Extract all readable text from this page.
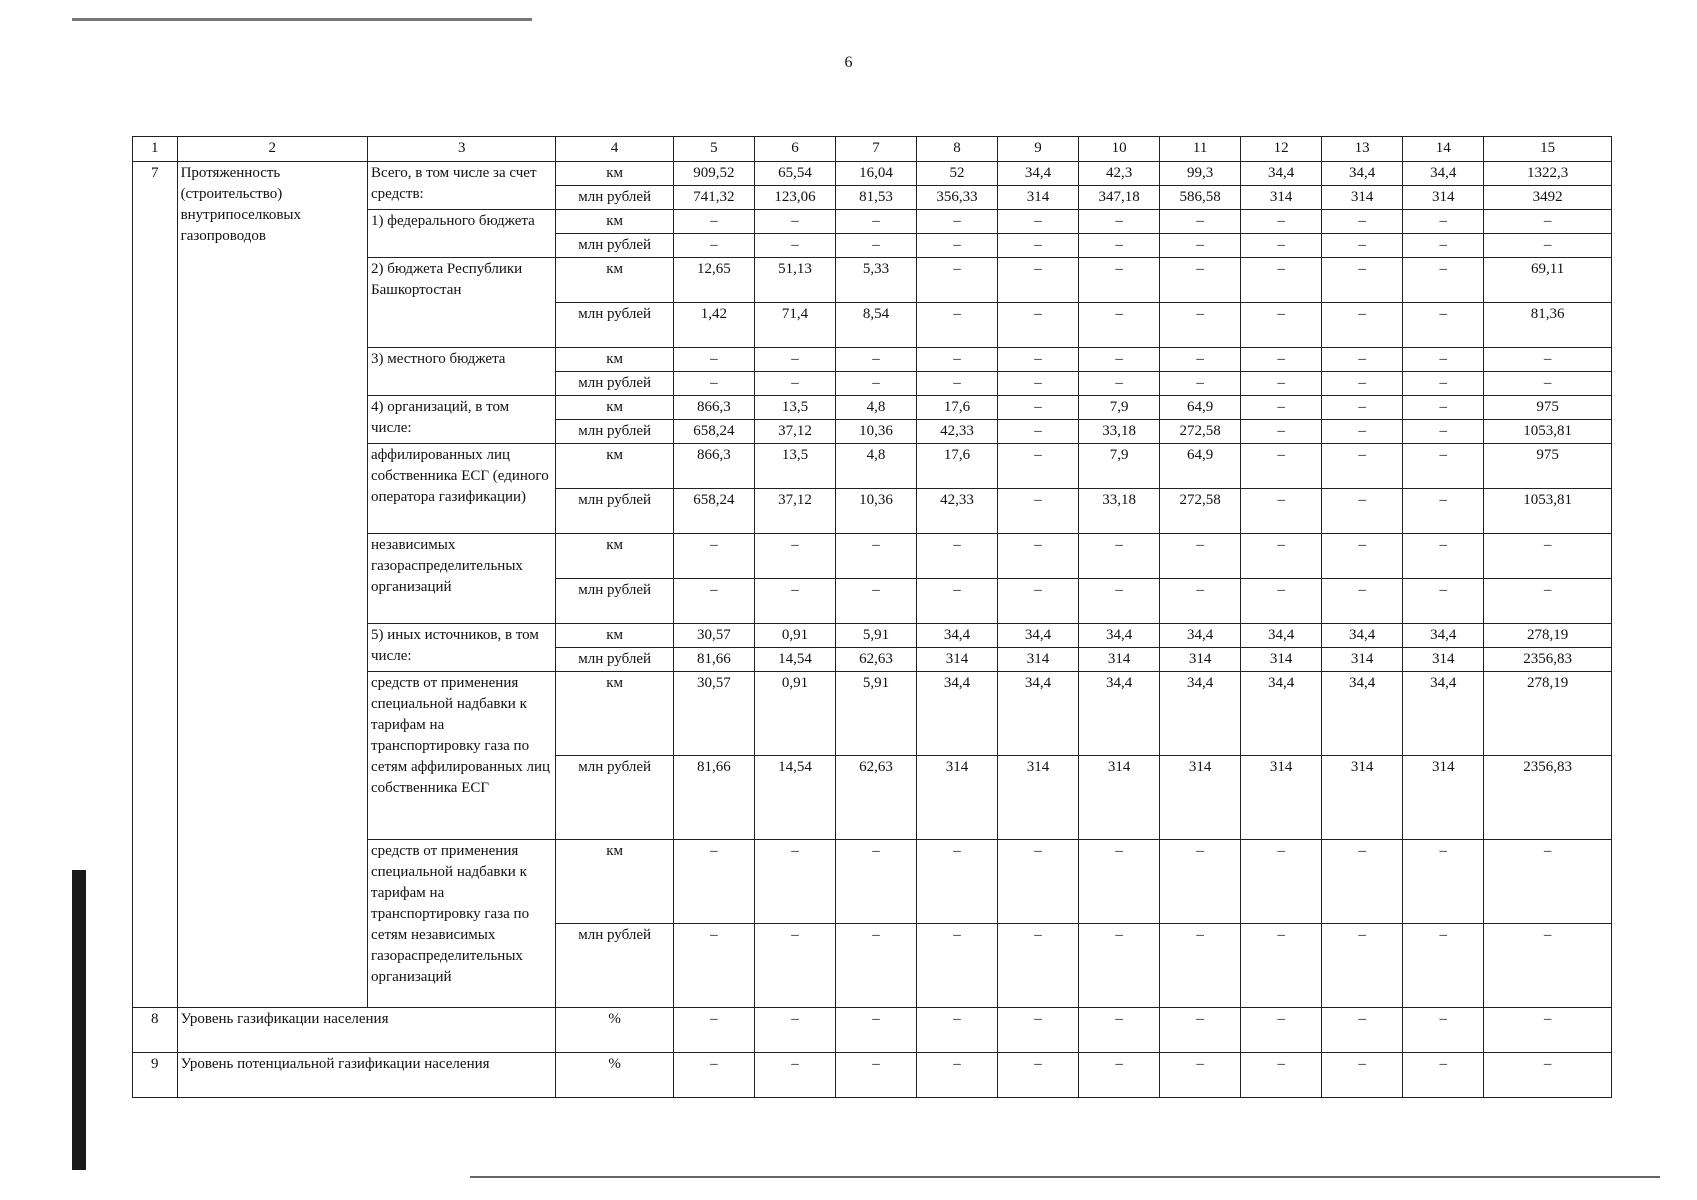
6
1	2	3	4	5	6	7	8	9	10	11	12	13	14	15
7	Протяженность (строительство) внутрипоселковых газопроводов	Всего, в том числе за счет средств:	км	909,52	65,54	16,04	52	34,4	42,3	99,3	34,4	34,4	34,4	1322,3
			млн рублей	741,32	123,06	81,53	356,33	314	347,18	586,58	314	314	314	3492
		1) федерального бюджета	км	–	–	–	–	–	–	–	–	–	–	–
			млн рублей	–	–	–	–	–	–	–	–	–	–	–
		2) бюджета Республики Башкортостан	км	12,65	51,13	5,33	–	–	–	–	–	–	–	69,11
			млн рублей	1,42	71,4	8,54	–	–	–	–	–	–	–	81,36
		3) местного бюджета	км	–	–	–	–	–	–	–	–	–	–	–
			млн рублей	–	–	–	–	–	–	–	–	–	–	–
		4) организаций, в том числе:	км	866,3	13,5	4,8	17,6	–	7,9	64,9	–	–	–	975
			млн рублей	658,24	37,12	10,36	42,33	–	33,18	272,58	–	–	–	1053,81
		аффилированных лиц собственника ЕСГ (единого оператора газификации)	км	866,3	13,5	4,8	17,6	–	7,9	64,9	–	–	–	975
			млн рублей	658,24	37,12	10,36	42,33	–	33,18	272,58	–	–	–	1053,81
		независимых газораспределительных организаций	км	–	–	–	–	–	–	–	–	–	–	–
			млн рублей	–	–	–	–	–	–	–	–	–	–	–
		5) иных источников, в том числе:	км	30,57	0,91	5,91	34,4	34,4	34,4	34,4	34,4	34,4	34,4	278,19
			млн рублей	81,66	14,54	62,63	314	314	314	314	314	314	314	2356,83
		средств от применения специальной надбавки к тарифам на транспортировку газа по сетям аффилированных лиц собственника ЕСГ	км	30,57	0,91	5,91	34,4	34,4	34,4	34,4	34,4	34,4	34,4	278,19
			млн рублей	81,66	14,54	62,63	314	314	314	314	314	314	314	2356,83
		средств от применения специальной надбавки к тарифам на транспортировку газа по сетям независимых газораспределительных организаций	км	–	–	–	–	–	–	–	–	–	–	–
			млн рублей	–	–	–	–	–	–	–	–	–	–	–
8	Уровень газификации населения		%	–	–	–	–	–	–	–	–	–	–	–
9	Уровень потенциальной газификации населения		%	–	–	–	–	–	–	–	–	–	–	–
